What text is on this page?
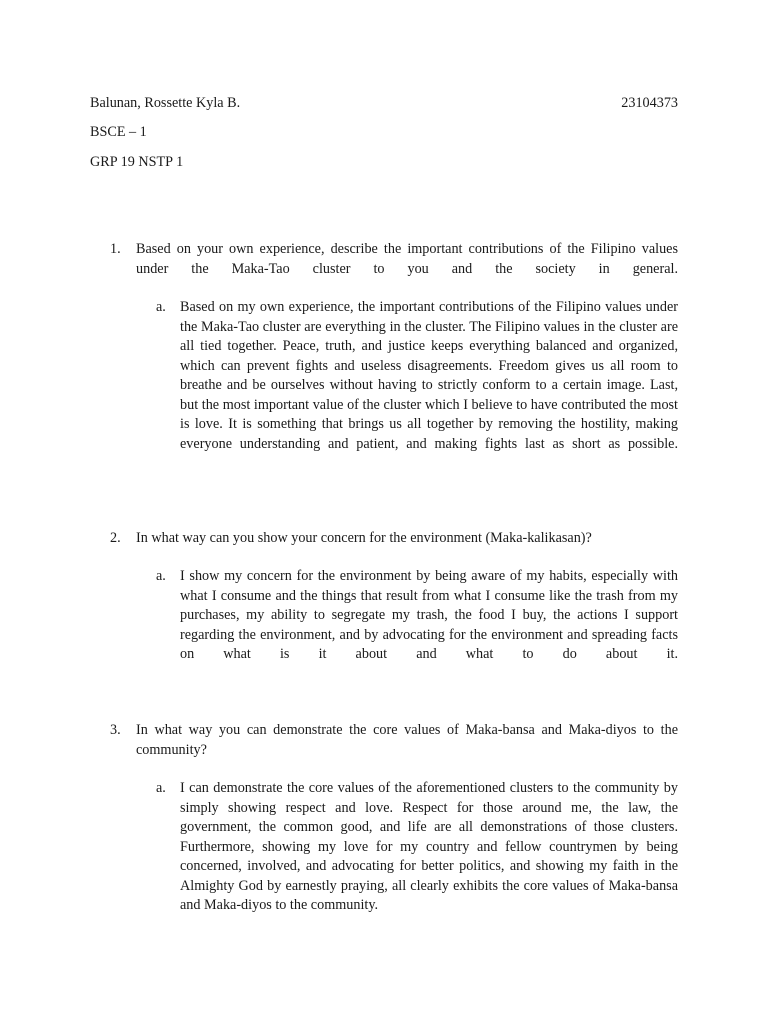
Balunan, Rossette Kyla B.	23104373
BSCE – 1
GRP 19 NSTP 1
1.	Based on your own experience, describe the important contributions of the Filipino values under the Maka-Tao cluster to you and the society in general.
a. Based on my own experience, the important contributions of the Filipino values under the Maka-Tao cluster are everything in the cluster. The Filipino values in the cluster are all tied together. Peace, truth, and justice keeps everything balanced and organized, which can prevent fights and useless disagreements. Freedom gives us all room to breathe and be ourselves without having to strictly conform to a certain image. Last, but the most important value of the cluster which I believe to have contributed the most is love. It is something that brings us all together by removing the hostility, making everyone understanding and patient, and making fights last as short as possible.
2.	In what way can you show your concern for the environment (Maka-kalikasan)?
a. I show my concern for the environment by being aware of my habits, especially with what I consume and the things that result from what I consume like the trash from my purchases, my ability to segregate my trash, the food I buy, the actions I support regarding the environment, and by advocating for the environment and spreading facts on what is it about and what to do about it.
3.	In what way you can demonstrate the core values of Maka-bansa and Maka-diyos to the community?
a. I can demonstrate the core values of the aforementioned clusters to the community by simply showing respect and love. Respect for those around me, the law, the government, the common good, and life are all demonstrations of those clusters. Furthermore, showing my love for my country and fellow countrymen by being concerned, involved, and advocating for better politics, and showing my faith in the Almighty God by earnestly praying, all clearly exhibits the core values of Maka-bansa and Maka-diyos to the community.
